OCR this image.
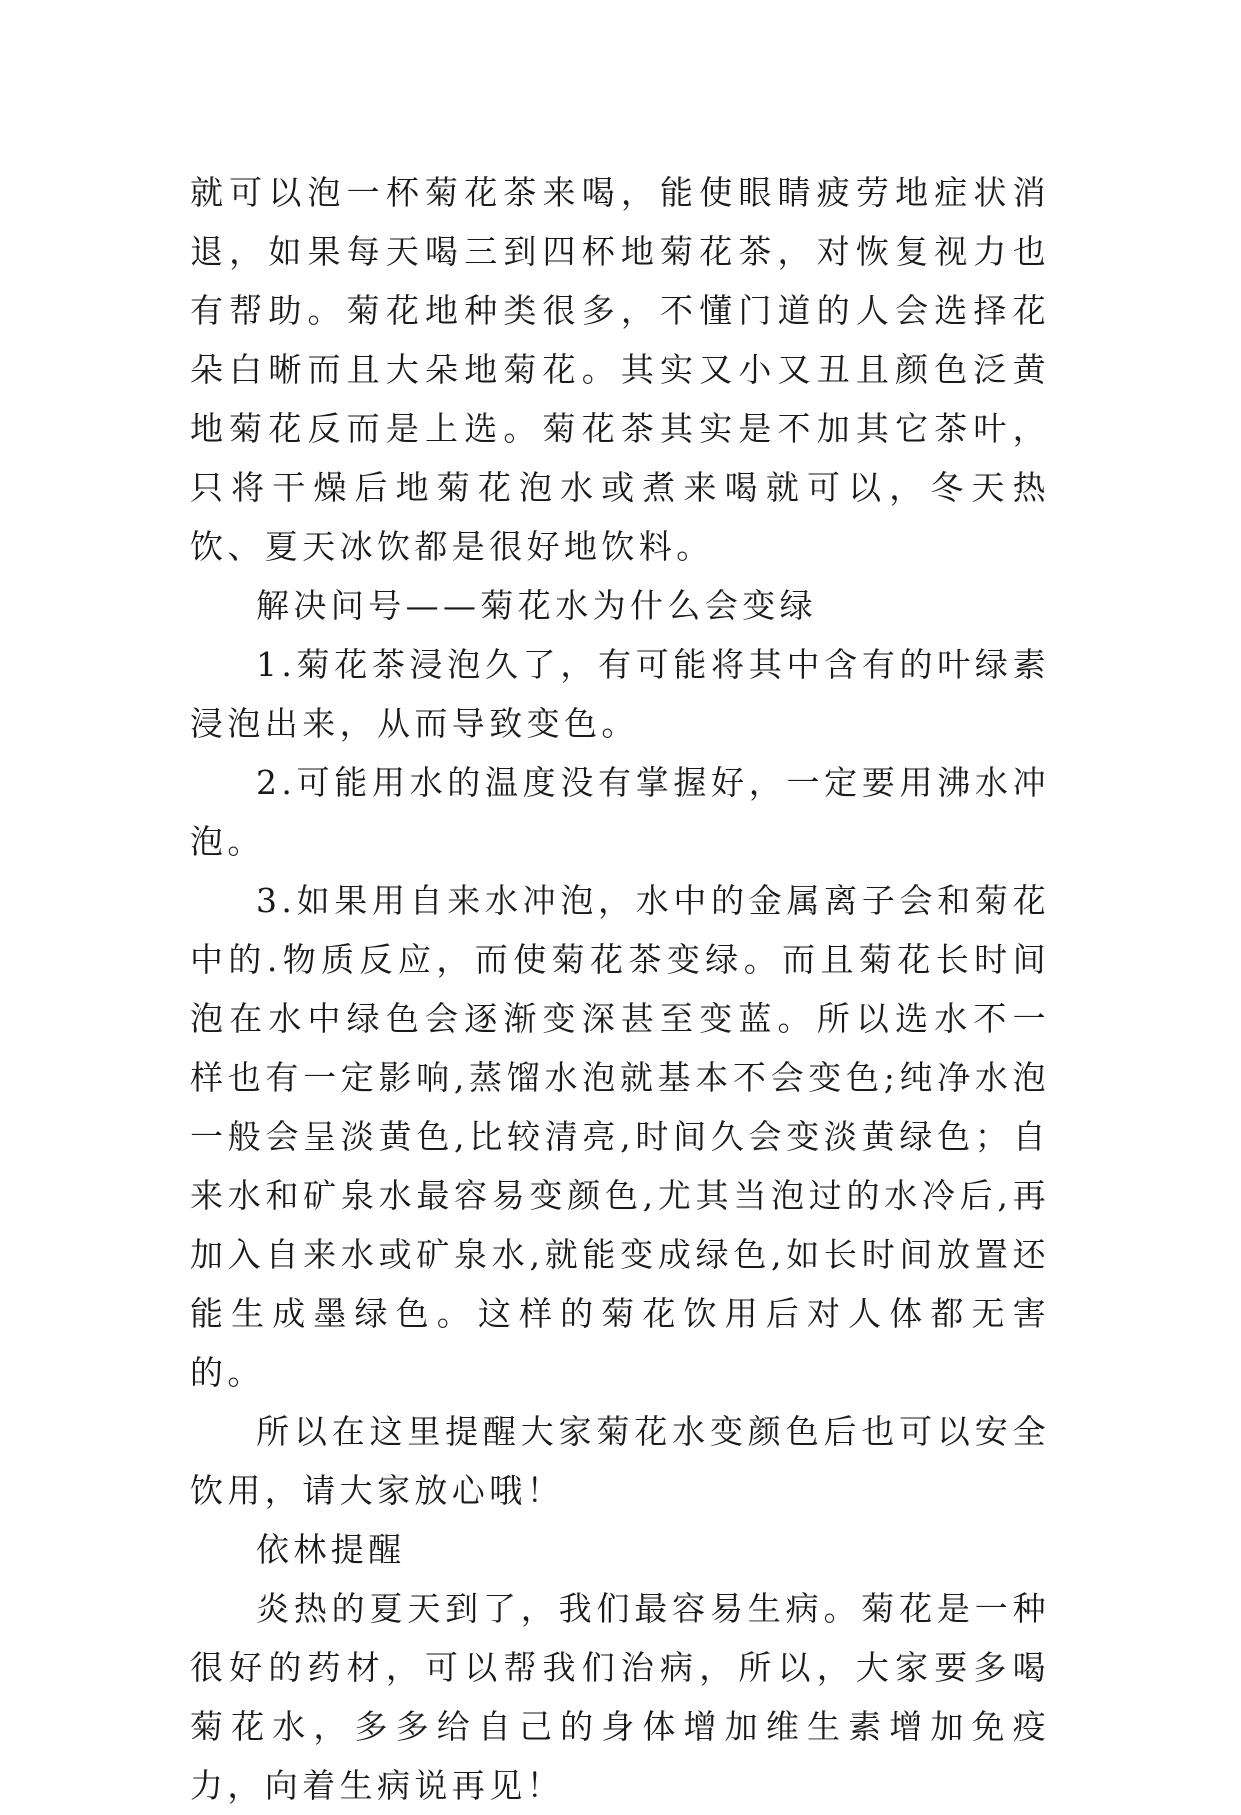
就可以泡一杯菊花茶来喝，能使眼睛疲劳地症状消退，如果每天喝三到四杯地菊花茶，对恢复视力也有帮助。菊花地种类很多，不懂门道的人会选择花朵白晰而且大朵地菊花。其实又小又丑且颜色泛黄地菊花反而是上选。菊花茶其实是不加其它茶叶，只将干燥后地菊花泡水或煮来喝就可以，冬天热饮、夏天冰饮都是很好地饮料。

解决问号——菊花水为什么会变绿

1.菊花茶浸泡久了，有可能将其中含有的叶绿素浸泡出来，从而导致变色。

2.可能用水的温度没有掌握好，一定要用沸水冲泡。

3.如果用自来水冲泡，水中的金属离子会和菊花中的.物质反应，而使菊花茶变绿。而且菊花长时间泡在水中绿色会逐渐变深甚至变蓝。所以选水不一样也有一定影响,蒸馏水泡就基本不会变色;纯净水泡一般会呈淡黄色,比较清亮,时间久会变淡黄绿色；自来水和矿泉水最容易变颜色,尤其当泡过的水冷后,再加入自来水或矿泉水,就能变成绿色,如长时间放置还能生成墨绿色。这样的菊花饮用后对人体都无害的。

所以在这里提醒大家菊花水变颜色后也可以安全饮用，请大家放心哦！

依林提醒

炎热的夏天到了，我们最容易生病。菊花是一种很好的药材，可以帮我们治病，所以，大家要多喝菊花水，多多给自己的身体增加维生素增加免疫力，向着生病说再见！
